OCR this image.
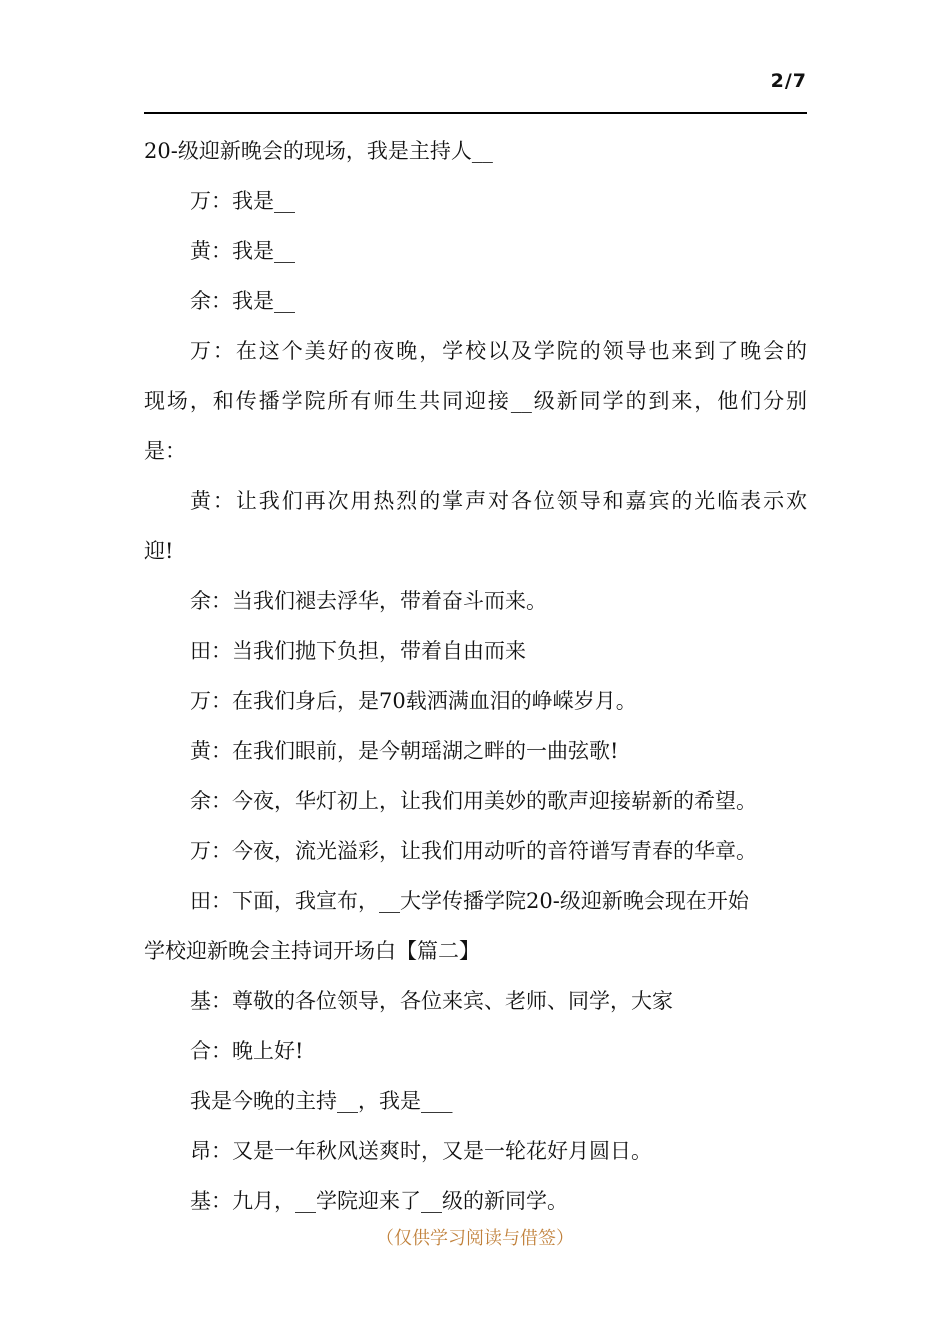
2/7
20-级迎新晚会的现场，我是主持人__
万：我是__
黄：我是__
余：我是__
万：在这个美好的夜晚，学校以及学院的领导也来到了晚会的
现场，和传播学院所有师生共同迎接__级新同学的到来，他们分别
是：
黄：让我们再次用热烈的掌声对各位领导和嘉宾的光临表示欢
迎!
余：当我们褪去浮华，带着奋斗而来。
田：当我们抛下负担，带着自由而来
万：在我们身后，是70载洒满血泪的峥嵘岁月。
黄：在我们眼前，是今朝瑶湖之畔的一曲弦歌!
余：今夜，华灯初上，让我们用美妙的歌声迎接崭新的希望。
万：今夜，流光溢彩，让我们用动听的音符谱写青春的华章。
田：下面，我宣布，__大学传播学院20-级迎新晚会现在开始
学校迎新晚会主持词开场白【篇二】
基：尊敬的各位领导，各位来宾、老师、同学，大家
合：晚上好!
我是今晚的主持__，我是___
昂：又是一年秋风送爽时，又是一轮花好月圆日。
基：九月，__学院迎来了__级的新同学。
（仅供学习阅读与借签）
